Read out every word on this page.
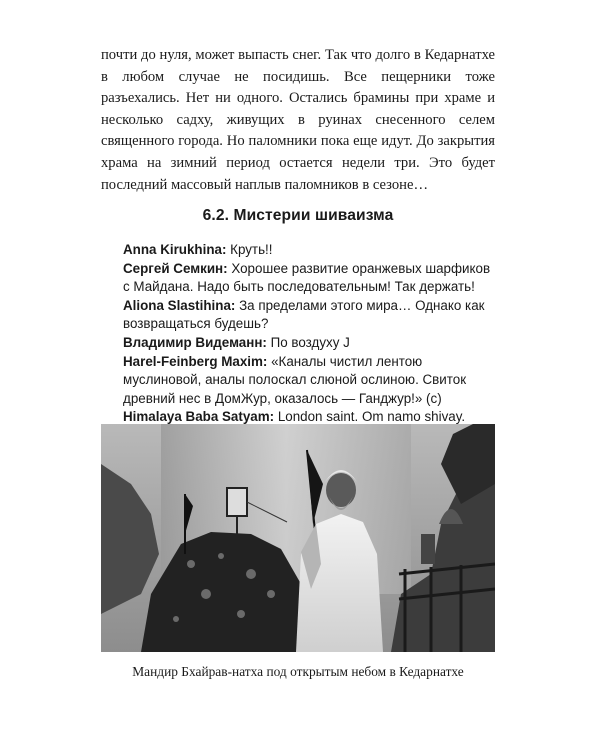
почти до нуля, может выпасть снег. Так что долго в Кедарнатхе в любом случае не посидишь. Все пещерники тоже разъехались. Нет ни одного. Остались брамины при храме и несколько садху, живущих в руинах снесенного селем священного города. Но паломники пока еще идут. До закрытия храма на зимний период остается недели три. Это будет последний массовый наплыв паломников в сезоне…

6.2. Мистерии шиваизма
Anna Kirukhina: Круть!!
Сергей Семкин: Хорошее развитие оранжевых шарфиков с Майдана. Надо быть последовательным! Так держать!
Aliona Slastihina: За пределами этого мира… Однако как возвращаться будешь?
Владимир Видеманн: По воздуху J
Harel-Feinberg Maxim: «Каналы чистил лентою муслиновой, аналы полоскал слюной ослиною. Свиток древний нес в ДомЖур, оказалось — Ганджур!» (c)
Himalaya Baba Satyam: London saint. Om namo shivay.

Мандир Бхайрав-натха под открытым небом в Кедарнатхе
